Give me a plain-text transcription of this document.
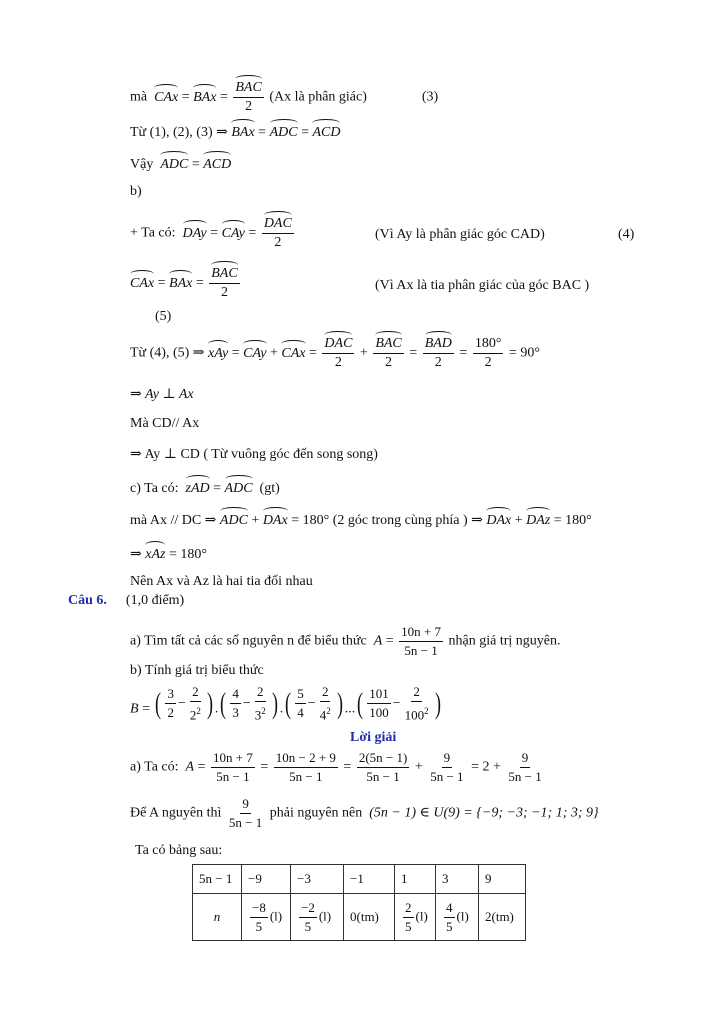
mà CAx = BAx = $\frac{\text{BAC}}{2} (Ax$ là phân giác)	(3)
Từ (1), (2), (3) ⇒ BAx = ADC = ACD
Vậy ADC = ACD
b)
+ Ta có: DAy = CAy = $\frac{\text{DAC}}{2}$	(Vì Ay là phân giác góc CAD)	(4)
CAx = BAx = $\frac{\text{BAC}}{2}$	(Vì Ax là tia phân giác của góc BAC )
(5)
Từ (4), (5) ⇒ xAy = CAy + CAx = $\frac{\text{DAC}}{2} + \frac{\text{BAC}}{2} = \frac{\text{BAD}}{2} = \frac{180^\circ}{2} = 90^\circ$
⇒ Ay ⊥ Ax
Mà CD// Ax
⇒ Ay ⊥ CD ( Từ vuông góc đến song song)
c) Ta có: zAD = ADC (gt)
mà Ax // DC ⇒ ADC + DAx = 180° (2 góc trong cùng phía ) ⇒ DAx + DAz = 180°
⇒ xAz = 180°
Nên Ax và Az là hai tia đối nhau
Câu 6. (1,0 điểm)
a) Tìm tất cả các số nguyên n để biểu thức $A = \frac{10n + 7}{5n - 1}$ nhận giá trị nguyên.
b) Tính giá trị biểu thức
B = ( $\frac{3}{2} - \frac{2}{2^2}$ ) . ( $\frac{4}{3} - \frac{2}{3^2}$ ) . ( $\frac{5}{4} - \frac{2}{4^2}$ ) ... ( $\frac{101}{100} - \frac{2}{100^2}$ )
Lời giải
a) Ta có: $A = \frac{10n + 7}{5n - 1} = \frac{10n - 2 + 9}{5n - 1} = \frac{2(5n - 1)}{5n - 1} + \frac{9}{5n - 1} = 2 + \frac{9}{5n - 1}$
Để A nguyên thì $\frac{9}{5n - 1}$ phải nguyên nên (5n − 1) ∈ U(9) = {−9; −3; −1; 1; 3; 9}
Ta có bảng sau:
5n − 1	−9	−3	−1	1	3	9
n	$\frac{-8}{5} (l)$	$\frac{-2}{5} (l)$	0(tm)	$\frac{2}{5} (l)$	$\frac{4}{5} (l)$	2(tm)
